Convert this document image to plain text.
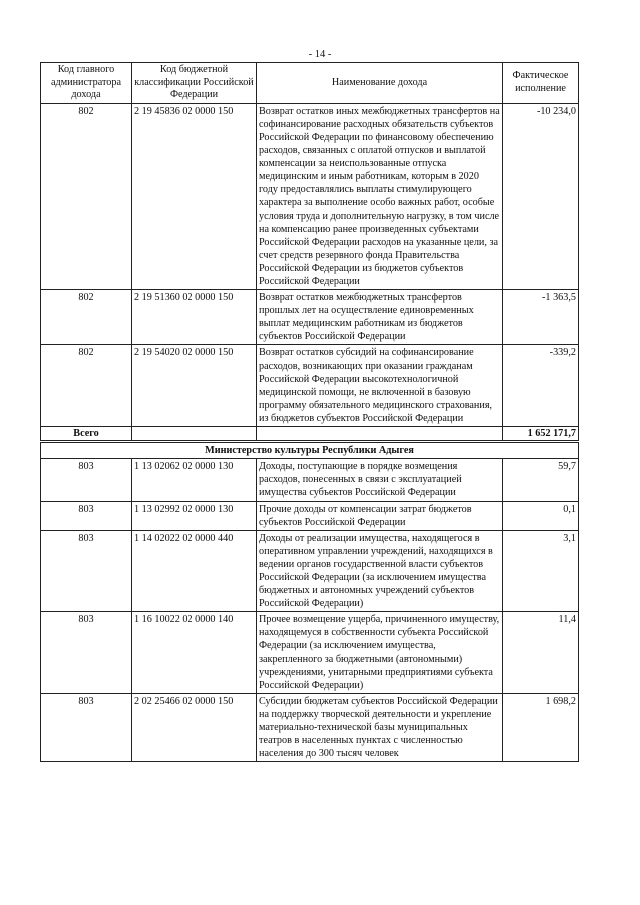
- 14 -
Код главного администратора дохода	Код бюджетной классификации Российской Федерации	Наименование дохода	Фактическое исполнение
802	2 19 45836 02 0000 150	Возврат остатков иных межбюджетных трансфертов на софинансирование расходных обязательств субъектов Российской Федерации по финансовому обеспечению расходов, связанных с оплатой отпусков и выплатой компенсации за неиспользованные отпуска медицинским и иным работникам, которым в 2020 году предоставлялись выплаты стимулирующего характера за выполнение особо важных работ, особые условия труда и дополнительную нагрузку, в том числе на компенсацию ранее произведенных субъектами Российской Федерации расходов на указанные цели, за счет средств резервного фонда Правительства Российской Федерации из бюджетов субъектов Российской Федерации	-10 234,0
802	2 19 51360 02 0000 150	Возврат остатков межбюджетных трансфертов прошлых лет на осуществление единовременных выплат медицинским работникам из бюджетов субъектов Российской Федерации	-1 363,5
802	2 19 54020 02 0000 150	Возврат остатков субсидий на софинансирование расходов, возникающих при оказании гражданам Российской Федерации высокотехнологичной медицинской помощи, не включенной в базовую программу обязательного медицинского страхования, из бюджетов субъектов Российской Федерации	-339,2
Всего			1 652 171,7
Министерство культуры Республики Адыгея			
803	1 13 02062 02 0000 130	Доходы, поступающие в порядке возмещения расходов, понесенных в связи с эксплуатацией имущества субъектов Российской Федерации	59,7
803	1 13 02992 02 0000 130	Прочие доходы от компенсации затрат бюджетов субъектов Российской Федерации	0,1
803	1 14 02022 02 0000 440	Доходы от реализации имущества, находящегося в оперативном управлении учреждений, находящихся в ведении органов государственной власти субъектов Российской Федерации (за исключением имущества бюджетных и автономных учреждений субъектов Российской Федерации)	3,1
803	1 16 10022 02 0000 140	Прочее возмещение ущерба, причиненного имуществу, находящемуся в собственности субъекта Российской Федерации (за исключением имущества, закрепленного за бюджетными (автономными) учреждениями, унитарными предприятиями субъекта Российской Федерации)	11,4
803	2 02 25466 02 0000 150	Субсидии бюджетам субъектов Российской Федерации на поддержку творческой деятельности и укрепление материально-технической базы муниципальных театров в населенных пунктах с численностью населения до 300 тысяч человек	1 698,2
